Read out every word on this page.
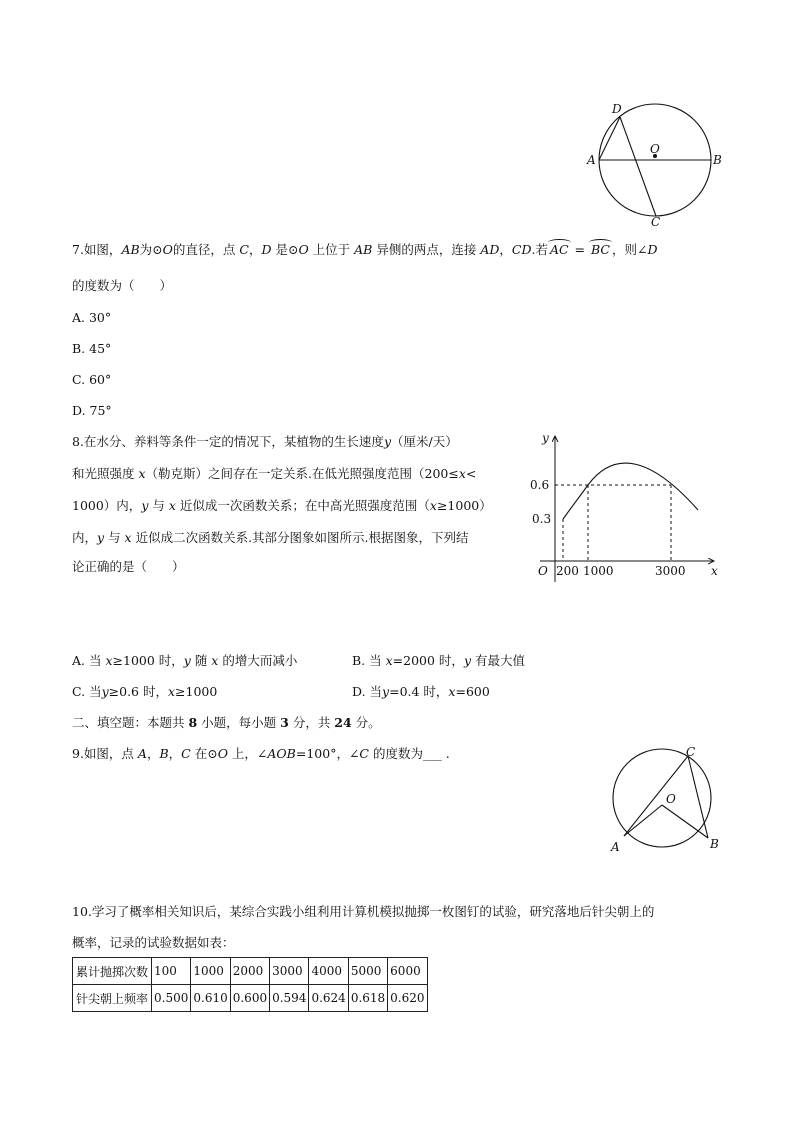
D
O
A	B
C
7.如图，AB为⊙O的直径，点 C，D 是⊙O 上位于 AB 异侧的两点，连接 AD，CD.若 AC = BC ，则∠D
的度数为（　　）
A. 30°
B. 45°
C. 60°
D. 75°
8.在水分、养料等条件一定的情况下，某植物的生长速度y（厘米/天）
和光照强度 x（勒克斯）之间存在一定关系.在低光照强度范围（200≤x<
1000）内，y 与 x 近似成一次函数关系；在中高光照强度范围（x≥1000）
内，y 与 x 近似成二次函数关系.其部分图象如图所示.根据图象，下列结
论正确的是（　　）
y
x
O
0.6
0.3
200 1000	3000
A. 当 x≥1000 时，y 随 x 的增大而减小	B. 当 x=2000 时，y 有最大值
C. 当y≥0.6 时，x≥1000	D. 当y=0.4 时，x=600
二、填空题：本题共 8 小题，每小题 3 分，共 24 分。
9.如图，点 A，B，C 在⊙O 上，∠AOB=100°，∠C 的度数为___ .	C
O
A	B
10.学习了概率相关知识后，某综合实践小组利用计算机模拟抛掷一枚图钉的试验，研究落地后针尖朝上的
概率，记录的试验数据如表：
累计抛掷次数	100	1000	2000	3000	4000	5000	6000
针尖朝上频率	0.500	0.610	0.600	0.594	0.624	0.618	0.620
